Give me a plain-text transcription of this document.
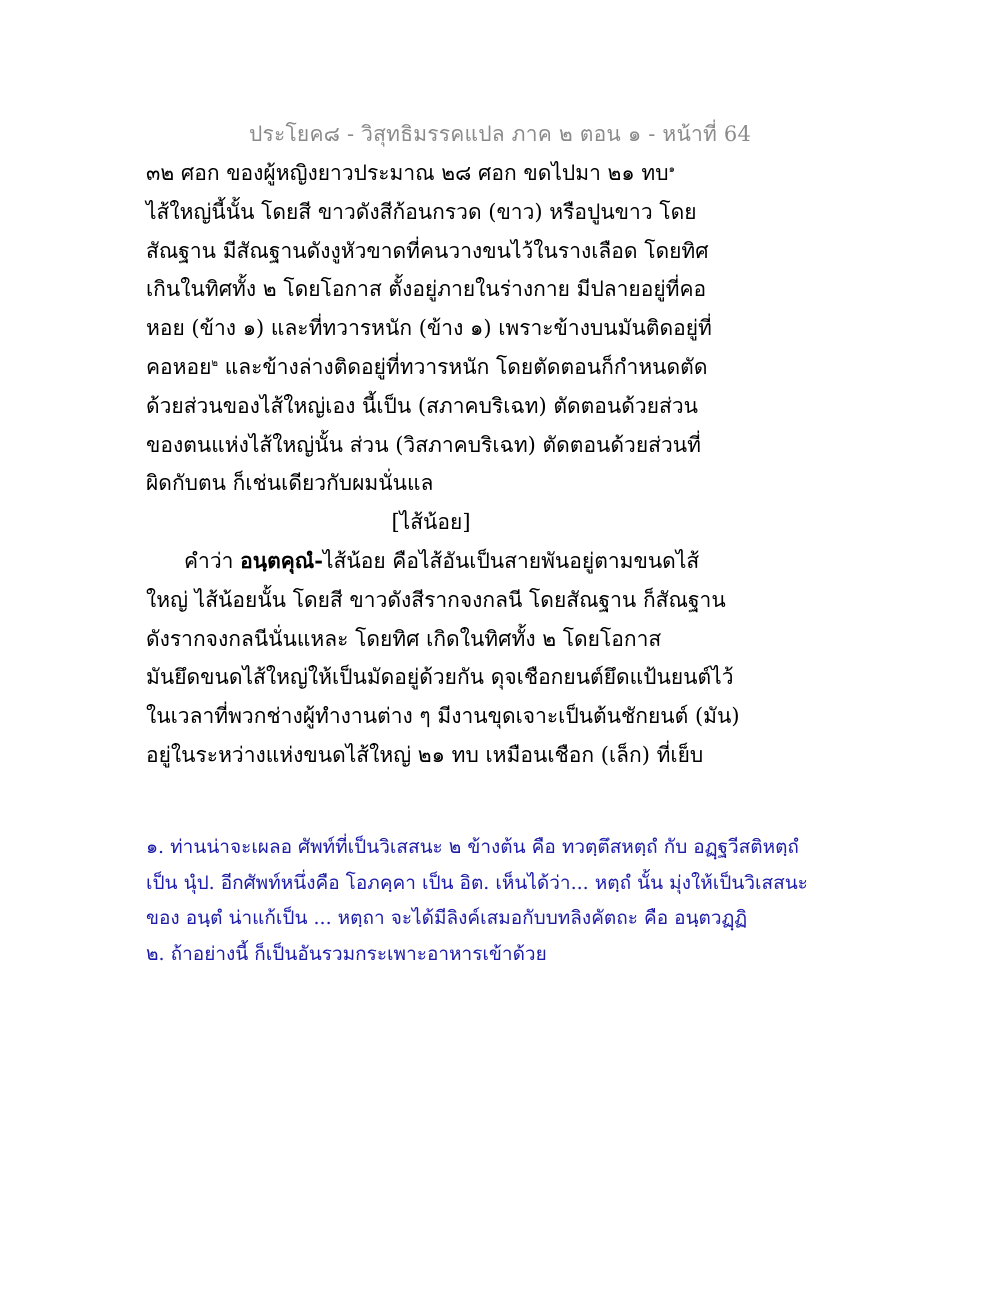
ประโยค๘ - วิสุทธิมรรคแปล ภาค ๒ ตอน ๑ - หน้าที่ 64
๓๒ ศอก ของผู้หญิงยาวประมาณ ๒๘ ศอก ขดไปมา ๒๑ ทบ$^๑$
ไส้ใหญ่นี้นั้น โดยสี ขาวดังสีก้อนกรวด (ขาว) หรือปูนขาว โดย
สัณฐาน มีสัณฐานดังงูหัวขาดที่คนวางขนไว้ในรางเลือด โดยทิศ
เกินในทิศทั้ง ๒ โดยโอกาส ตั้งอยู่ภายในร่างกาย มีปลายอยู่ที่คอ
หอย (ข้าง ๑) และที่ทวารหนัก (ข้าง ๑) เพราะข้างบนมันติดอยู่ที่
คอหอย$^๒$ และข้างล่างติดอยู่ที่ทวารหนัก โดยตัดตอนก็กำหนดตัด
ด้วยส่วนของไส้ใหญ่เอง นี้เป็น (สภาคบริเฉท) ตัดตอนด้วยส่วน
ของตนแห่งไส้ใหญ่นั้น ส่วน (วิสภาคบริเฉท) ตัดตอนด้วยส่วนที่
ผิดกับตน ก็เช่นเดียวกับผมนั่นแล
[ไส้น้อย]
คำว่า อนฺตคุณํ-ไส้น้อย คือไส้อันเป็นสายพันอยู่ตามขนดไส้
ใหญ่ ไส้น้อยนั้น โดยสี ขาวดังสีรากจงกลนี โดยสัณฐาน ก็สัณฐาน
ดังรากจงกลนีนั่นแหละ โดยทิศ เกิดในทิศทั้ง ๒ โดยโอกาส
มันยึดขนดไส้ใหญ่ให้เป็นมัดอยู่ด้วยกัน ดุจเชือกยนต์ยึดแป้นยนต์ไว้
ในเวลาที่พวกช่างผู้ทำงานต่าง ๆ มีงานขุดเจาะเป็นต้นชักยนต์ (มัน)
อยู่ในระหว่างแห่งขนดไส้ใหญ่ ๒๑ ทบ เหมือนเชือก (เล็ก) ที่เย็บ
๑. ท่านน่าจะเผลอ ศัพท์ที่เป็นวิเสสนะ ๒ ข้างต้น คือ ทวตฺตึสหตฺถํ กับ อฏฺฐวีสติหตฺถํ
เป็น นุํป. อีกศัพท์หนึ่งคือ โอภคฺคา เป็น อิต. เห็นได้ว่า... หตฺถํ นั้น มุ่งให้เป็นวิเสสนะ
ของ อนฺตํ น่าแก้เป็น ... หตฺถา จะได้มีลิงค์เสมอกับบทลิงคัตถะ คือ อนฺตวฏฺฏิ
๒. ถ้าอย่างนี้ ก็เป็นอันรวมกระเพาะอาหารเข้าด้วย
